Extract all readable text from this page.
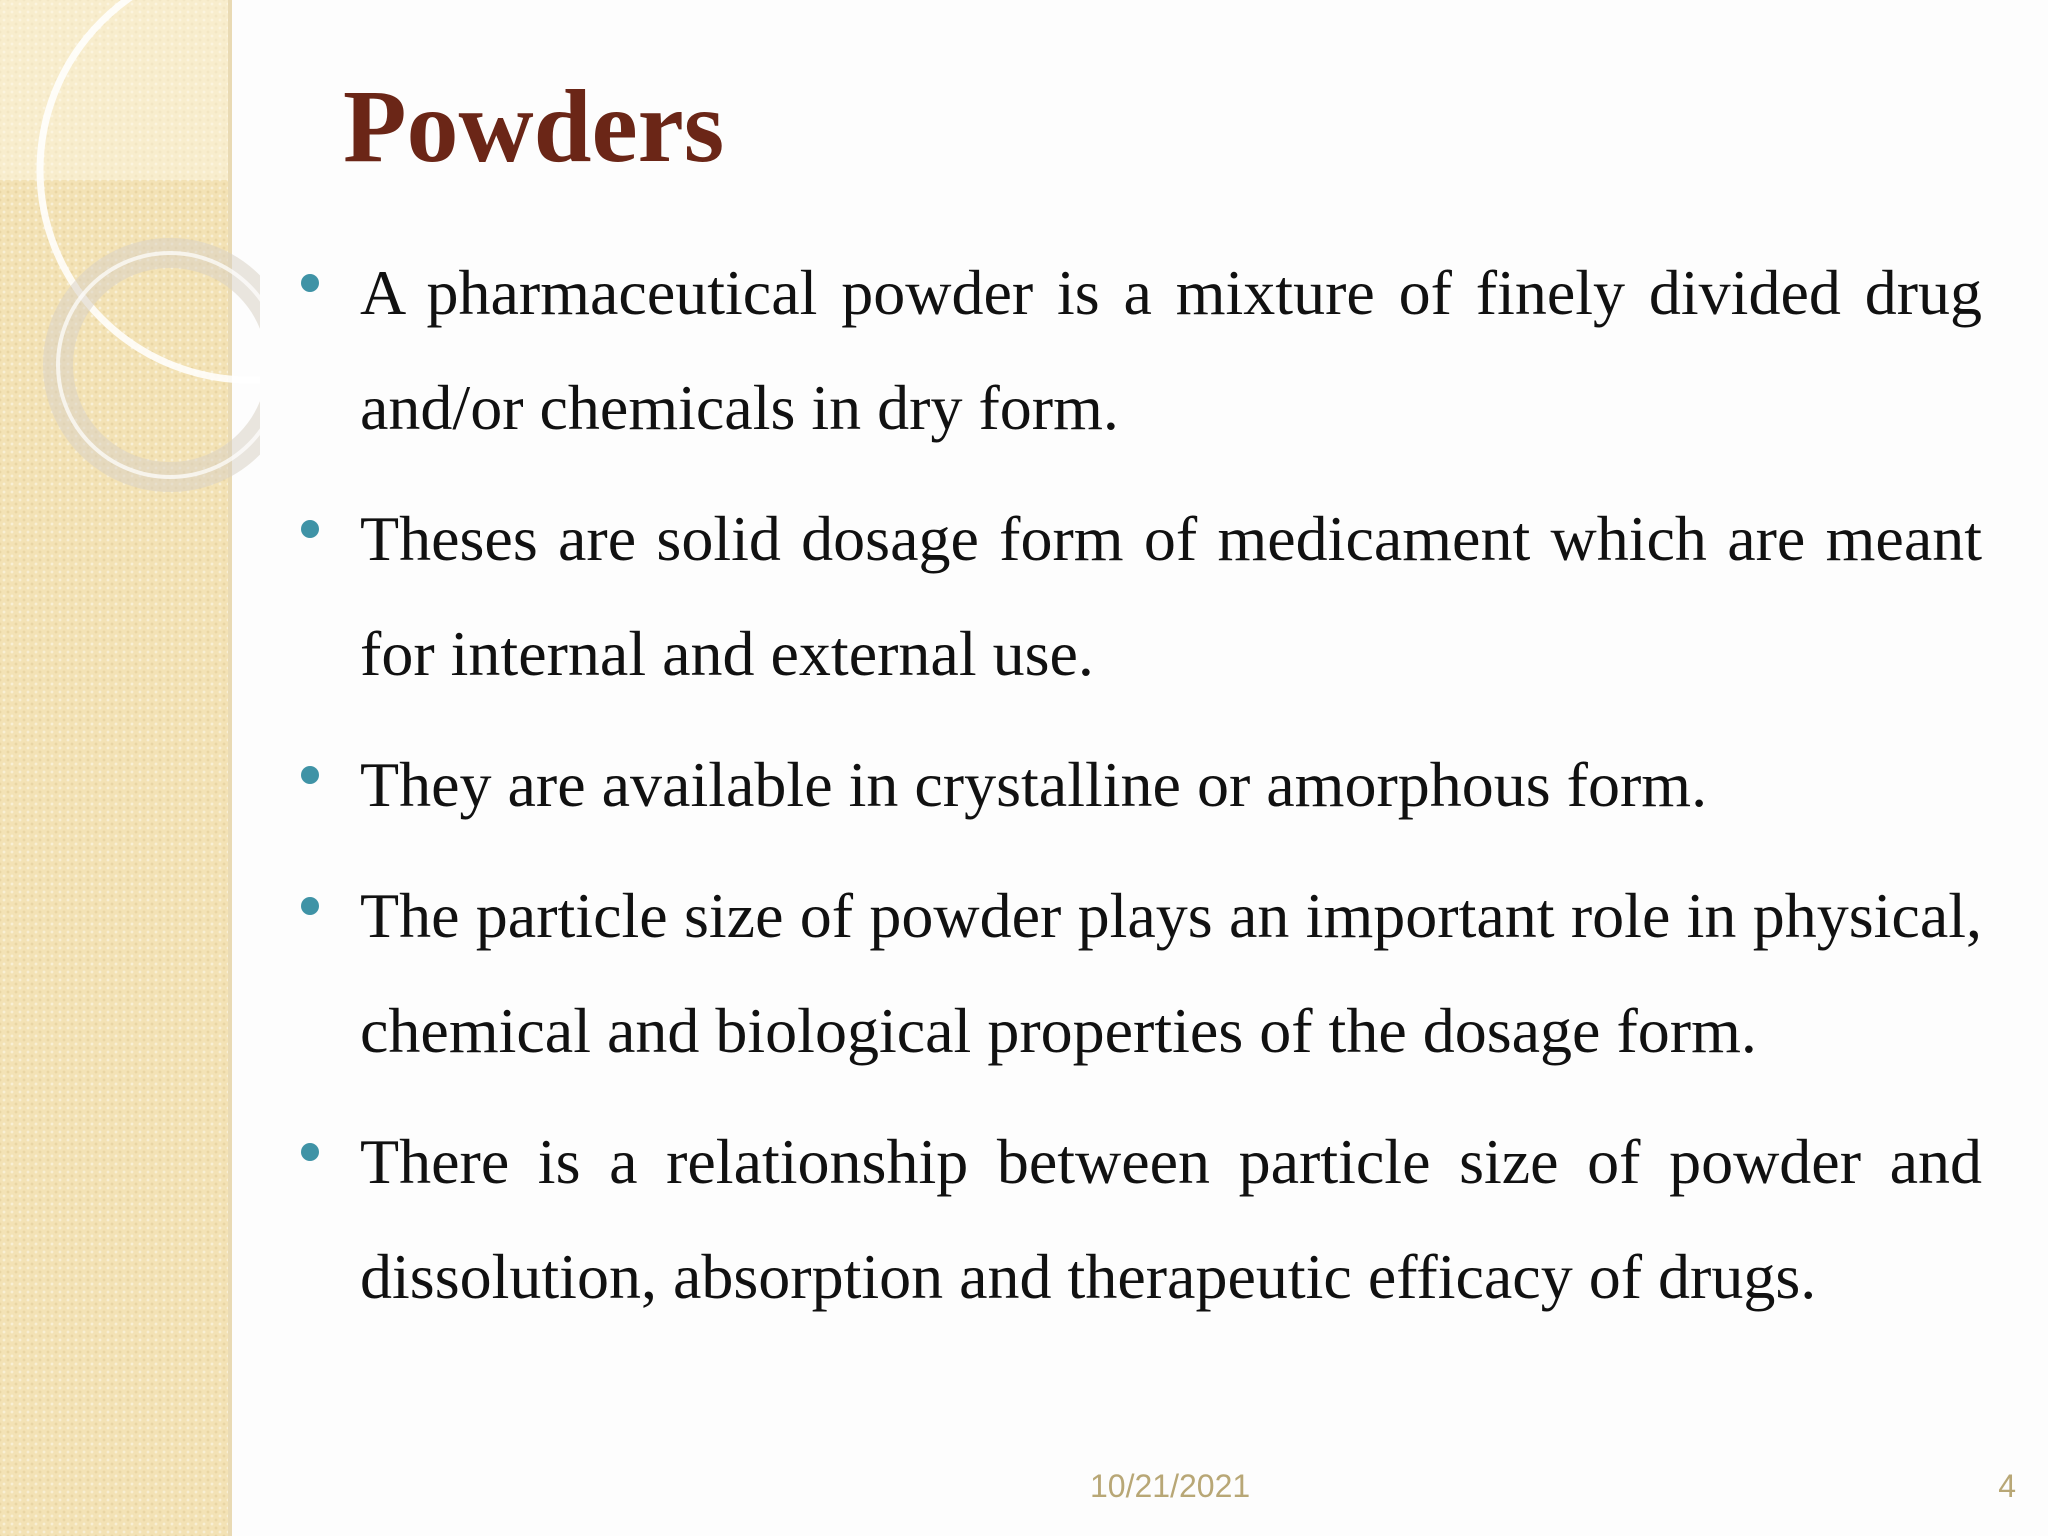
Powders
A pharmaceutical powder is a mixture of finely divided drug and/or chemicals in dry form.
Theses are solid dosage form of medicament which are meant for internal and external use.
They are available in crystalline or amorphous form.
The particle size of powder plays an important role in physical, chemical and biological properties of the dosage form.
There is a relationship between particle size of powder and dissolution, absorption and therapeutic efficacy of drugs.
10/21/2021	4
